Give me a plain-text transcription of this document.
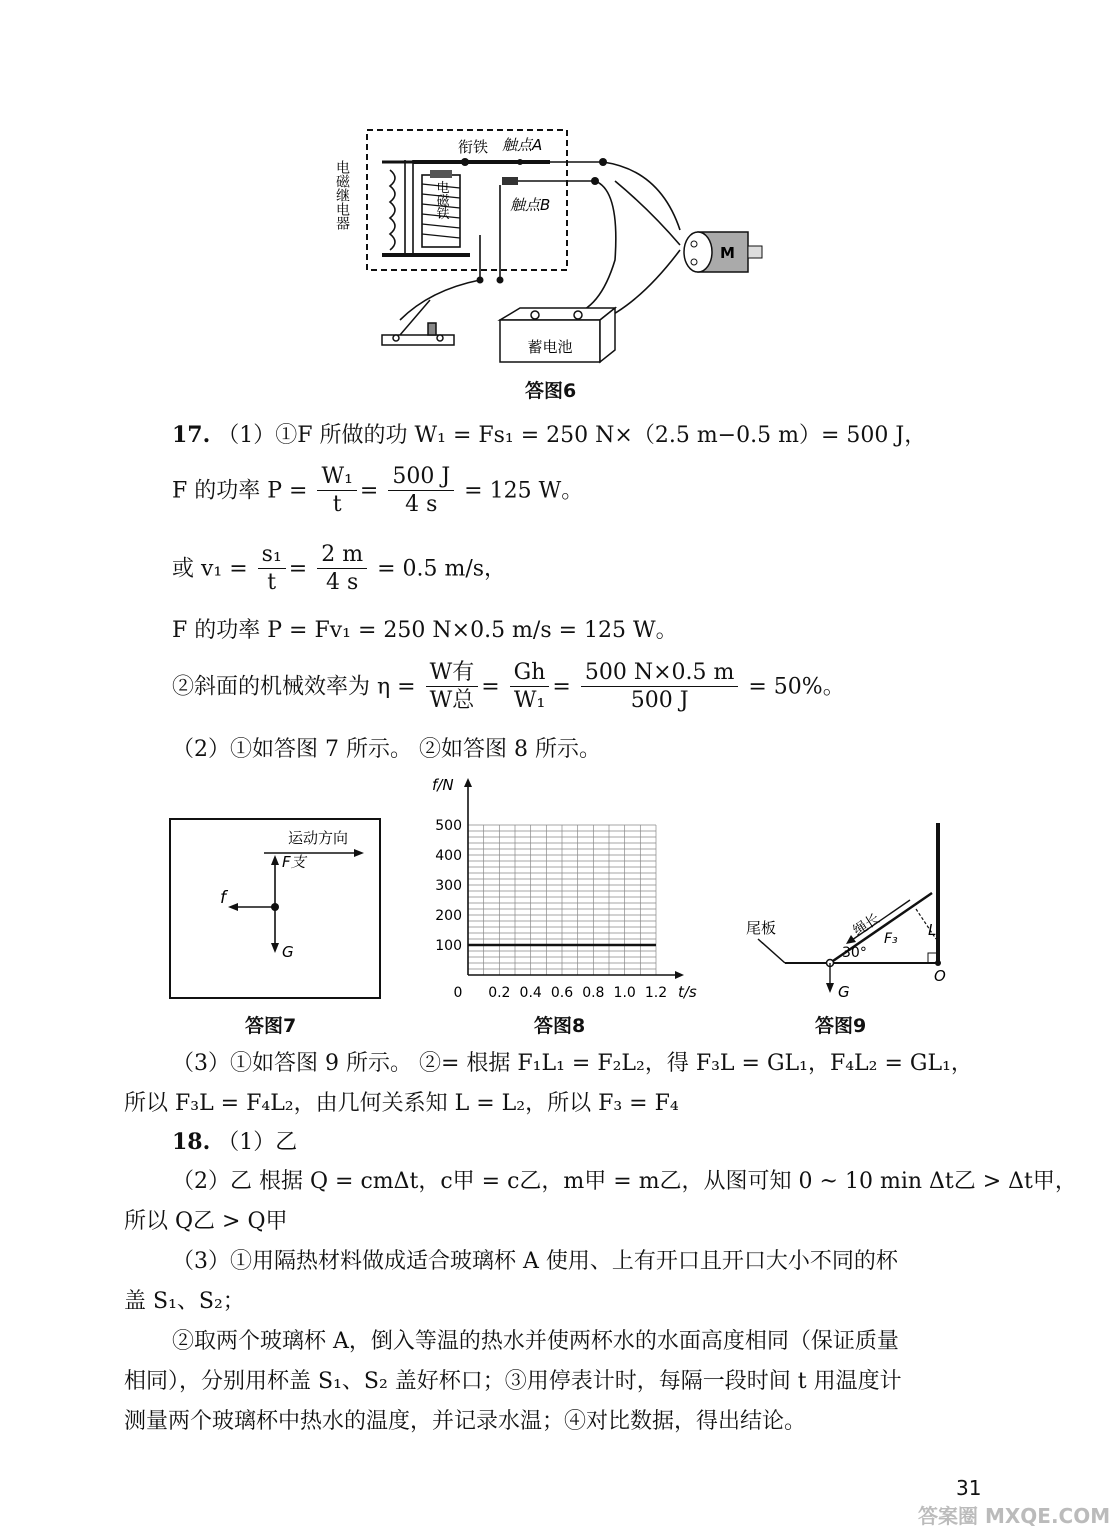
电磁铁
衔铁 触点A
触点B
电磁继电器
M
蓄电池
答图6
17. （1）①F 所做的功 W₁ = Fs₁ = 250 N×（2.5 m−0.5 m）= 500 J，
F 的功率 $P = \frac{\text{W₁}}{t} = \frac{500 J}{4 s} = 125$ W。
或 $v_1 = \frac{\text{s₁}}{t} = \frac{2 m}{4 s} = 0.5$ m/s，
F 的功率 P = Fv₁ = 250 N×0.5 m/s = 125 W。
②斜面的机械效率为 $\eta = \frac{\text{W有}}{\text{W总}} = \frac{Gh}{\text{W₁}} = \frac{500 N\times 0.5 m}{500 J} = 50\%$。
（2）①如答图 7 所示。 ②如答图 8 所示。
运动方向
F支
f
G
答图7
100
200
300
400
500
0 0.2 0.4 0.6 0.8 1.0 1.2
f/N
t/s
答图8
尾板	绳长 F₃ L
30°
O
G
答图9
（3）①如答图 9 所示。 ②= 根据 F₁L₁ = F₂L₂，得 F₃L = GL₁，F₄L₂ = GL₁，
所以 F₃L = F₄L₂，由几何关系知 L = L₂，所以 F₃ = F₄
18. （1）乙
（2）乙 根据 Q = cmΔt，c甲 = c乙，m甲 = m乙，从图可知 0 ~ 10 min Δt乙 > Δt甲，
所以 Q乙 > Q甲
（3）①用隔热材料做成适合玻璃杯 A 使用、上有开口且开口大小不同的杯
盖 S₁、S₂；
②取两个玻璃杯 A，倒入等温的热水并使两杯水的水面高度相同（保证质量
相同），分别用杯盖 S₁、S₂ 盖好杯口；③用停表计时，每隔一段时间 t 用温度计
测量两个玻璃杯中热水的温度，并记录水温；④对比数据，得出结论。
31
答案圈 MXQE.COM
